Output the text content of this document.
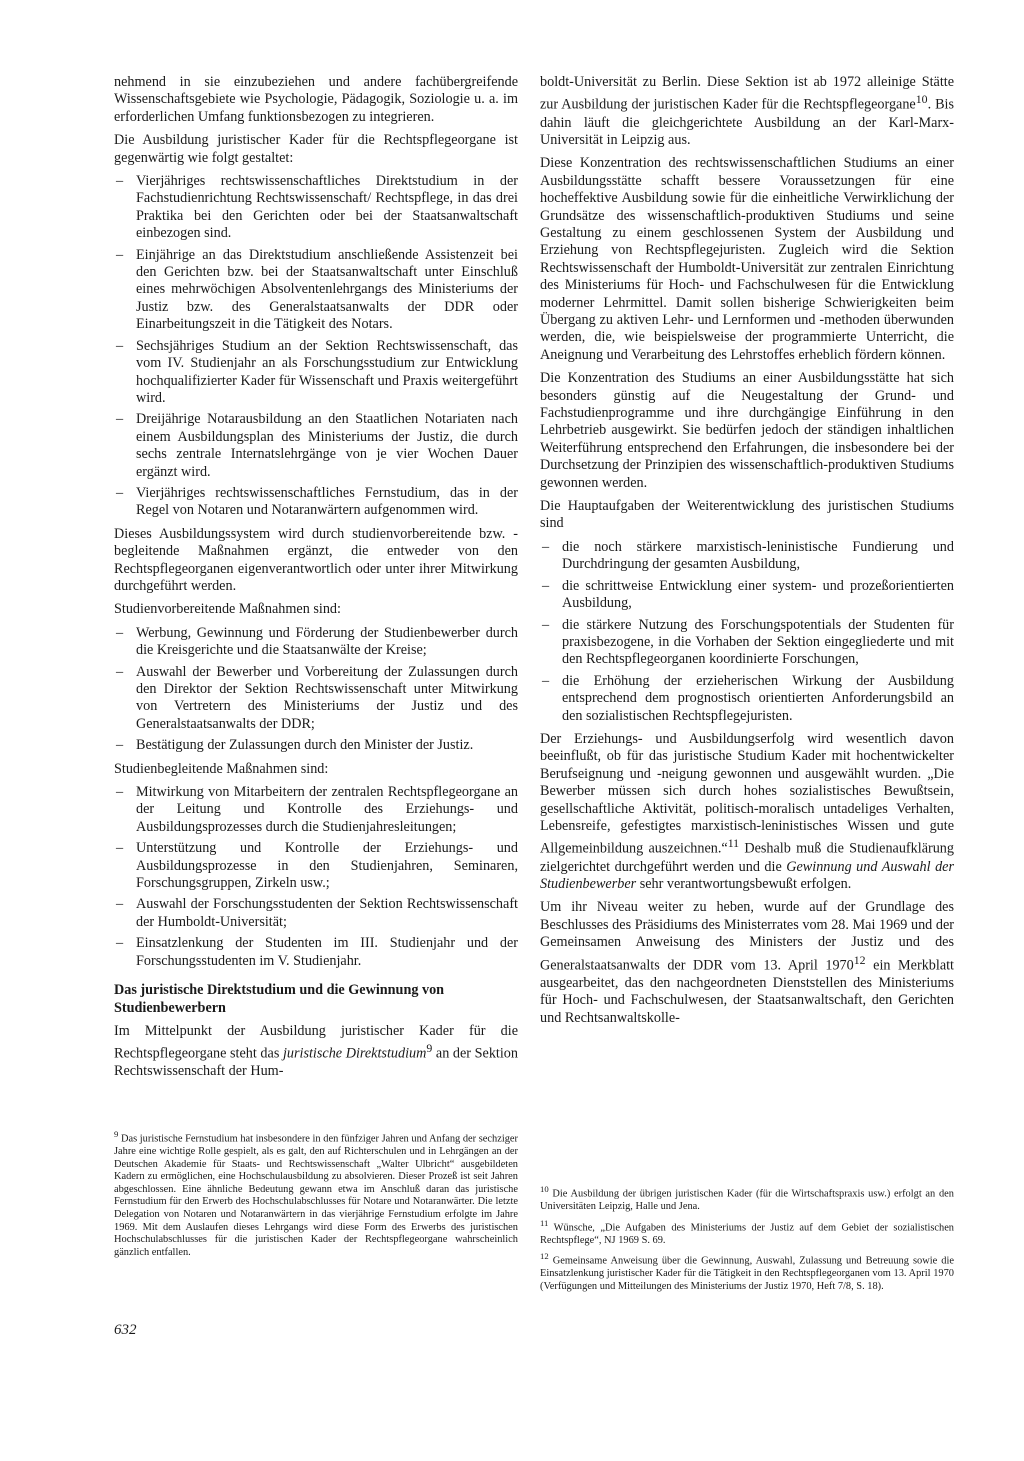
nehmend in sie einzubeziehen und andere fachübergreifende Wissenschaftsgebiete wie Psychologie, Pädagogik, Soziologie u. a. im erforderlichen Umfang funktionsbezogen zu integrieren.

Die Ausbildung juristischer Kader für die Rechtspflegeorgane ist gegenwärtig wie folgt gestaltet:

– Vierjähriges rechtswissenschaftliches Direktstudium in der Fachstudienrichtung Rechtswissenschaft/ Rechtspflege, in das drei Praktika bei den Gerichten oder bei der Staatsanwaltschaft einbezogen sind.
– Einjährige an das Direktstudium anschließende Assistenzeit bei den Gerichten bzw. bei der Staatsanwaltschaft unter Einschluß eines mehrwöchigen Absolventenlehrgangs des Ministeriums der Justiz bzw. des Generalstaatsanwalts der DDR oder Einarbeitungszeit in die Tätigkeit des Notars.
– Sechsjähriges Studium an der Sektion Rechtswissenschaft, das vom IV. Studienjahr an als Forschungsstudium zur Entwicklung hochqualifizierter Kader für Wissenschaft und Praxis weitergeführt wird.
– Dreijährige Notarausbildung an den Staatlichen Notariaten nach einem Ausbildungsplan des Ministeriums der Justiz, die durch sechs zentrale Internatslehrgänge von je vier Wochen Dauer ergänzt wird.
– Vierjähriges rechtswissenschaftliches Fernstudium, das in der Regel von Notaren und Notaranwärtern aufgenommen wird.

Dieses Ausbildungssystem wird durch studienvorbereitende bzw. -begleitende Maßnahmen ergänzt, die entweder von den Rechtspflegeorganen eigenverantwortlich oder unter ihrer Mitwirkung durchgeführt werden.

Studienvorbereitende Maßnahmen sind:

– Werbung, Gewinnung und Förderung der Studienbewerber durch die Kreisgerichte und die Staatsanwälte der Kreise;
– Auswahl der Bewerber und Vorbereitung der Zulassungen durch den Direktor der Sektion Rechtswissenschaft unter Mitwirkung von Vertretern des Ministeriums der Justiz und des Generalstaatsanwalts der DDR;
– Bestätigung der Zulassungen durch den Minister der Justiz.

Studienbegleitende Maßnahmen sind:

– Mitwirkung von Mitarbeitern der zentralen Rechtspflegeorgane an der Leitung und Kontrolle des Erziehungs- und Ausbildungsprozesses durch die Studienjahresleitungen;
– Unterstützung und Kontrolle der Erziehungs- und Ausbildungsprozesse in den Studienjahren, Seminaren, Forschungsgruppen, Zirkeln usw.;
– Auswahl der Forschungsstudenten der Sektion Rechtswissenschaft der Humboldt-Universität;
– Einsatzlenkung der Studenten im III. Studienjahr und der Forschungsstudenten im V. Studienjahr.
Das juristische Direktstudium und die Gewinnung von Studienbewerbern

Im Mittelpunkt der Ausbildung juristischer Kader für die Rechtspflegeorgane steht das juristische Direktstudium$^9$ an der Sektion Rechtswissenschaft der Hum-

boldt-Universität zu Berlin. Diese Sektion ist ab 1972 alleinige Stätte zur Ausbildung der juristischen Kader für die Rechtspflegeorgane$^{10}$. Bis dahin läuft die gleichgerichtete Ausbildung an der Karl-Marx-Universität in Leipzig aus.

Diese Konzentration des rechtswissenschaftlichen Studiums an einer Ausbildungsstätte schafft bessere Voraussetzungen für eine hocheffektive Ausbildung sowie für die einheitliche Verwirklichung der Grundsätze des wissenschaftlich-produktiven Studiums und seine Gestaltung zu einem geschlossenen System der Ausbildung und Erziehung von Rechtspflegejuristen. Zugleich wird die Sektion Rechtswissenschaft der Humboldt-Universität zur zentralen Einrichtung des Ministeriums für Hoch- und Fachschulwesen für die Entwicklung moderner Lehrmittel. Damit sollen bisherige Schwierigkeiten beim Übergang zu aktiven Lehr- und Lernformen und -methoden überwunden werden, die, wie beispielsweise der programmierte Unterricht, die Aneignung und Verarbeitung des Lehrstoffes erheblich fördern können.

Die Konzentration des Studiums an einer Ausbildungsstätte hat sich besonders günstig auf die Neugestaltung der Grund- und Fachstudienprogramme und ihre durchgängige Einführung in den Lehrbetrieb ausgewirkt. Sie bedürfen jedoch der ständigen inhaltlichen Weiterführung entsprechend den Erfahrungen, die insbesondere bei der Durchsetzung der Prinzipien des wissenschaftlich-produktiven Studiums gewonnen werden.

Die Hauptaufgaben der Weiterentwicklung des juristischen Studiums sind

– die noch stärkere marxistisch-leninistische Fundierung und Durchdringung der gesamten Ausbildung,
– die schrittweise Entwicklung einer system- und prozeßorientierten Ausbildung,
– die stärkere Nutzung des Forschungspotentials der Studenten für praxisbezogene, in die Vorhaben der Sektion eingegliederte und mit den Rechtspflegeorganen koordinierte Forschungen,
– die Erhöhung der erzieherischen Wirkung der Ausbildung entsprechend dem prognostisch orientierten Anforderungsbild an den sozialistischen Rechtspflegejuristen.

Der Erziehungs- und Ausbildungserfolg wird wesentlich davon beeinflußt, ob für das juristische Studium Kader mit hochentwickelter Berufseignung und -neigung gewonnen und ausgewählt wurden. „Die Bewerber müssen sich durch hohes sozialistisches Bewußtsein, gesellschaftliche Aktivität, politisch-moralisch untadeliges Verhalten, Lebensreife, gefestigtes marxistisch-leninistisches Wissen und gute Allgemeinbildung auszeichnen.“$^{11}$ Deshalb muß die Studienaufklärung zielgerichtet durchgeführt werden und die Gewinnung und Auswahl der Studienbewerber sehr verantwortungsbewußt erfolgen.

Um ihr Niveau weiter zu heben, wurde auf der Grundlage des Beschlusses des Präsidiums des Ministerrates vom 28. Mai 1969 und der Gemeinsamen Anweisung des Ministers der Justiz und des Generalstaatsanwalts der DDR vom 13. April 1970$^{12}$ ein Merkblatt ausgearbeitet, das den nachgeordneten Dienststellen des Ministeriums für Hoch- und Fachschulwesen, der Staatsanwaltschaft, den Gerichten und Rechtsanwaltskolle-

$^9$ Das juristische Fernstudium hat insbesondere in den fünfziger Jahren und Anfang der sechziger Jahre eine wichtige Rolle gespielt, als es galt, den auf Richterschulen und in Lehrgängen an der Deutschen Akademie für Staats- und Rechtswissenschaft „Walter Ulbricht“ ausgebildeten Kadern zu ermöglichen, eine Hochschulausbildung zu absolvieren. Dieser Prozeß ist seit Jahren abgeschlossen. Eine ähnliche Bedeutung gewann etwa im Anschluß daran das juristische Fernstudium für den Erwerb des Hochschulabschlusses für Notare und Notaranwärter. Die letzte Delegation von Notaren und Notaranwärtern in das vierjährige Fernstudium erfolgte im Jahre 1969. Mit dem Auslaufen dieses Lehrgangs wird diese Form des Erwerbs des juristischen Hochschulabschlusses für die juristischen Kader der Rechtspflegeorgane wahrscheinlich gänzlich entfallen.

$^{10}$ Die Ausbildung der übrigen juristischen Kader (für die Wirtschaftspraxis usw.) erfolgt an den Universitäten Leipzig, Halle und Jena.

$^{11}$ Wünsche, „Die Aufgaben des Ministeriums der Justiz auf dem Gebiet der sozialistischen Rechtspflege“, NJ 1969 S. 69.

$^{12}$ Gemeinsame Anweisung über die Gewinnung, Auswahl, Zulassung und Betreuung sowie die Einsatzlenkung juristischer Kader für die Tätigkeit in den Rechtspflegeorganen vom 13. April 1970 (Verfügungen und Mitteilungen des Ministeriums der Justiz 1970, Heft 7/8, S. 18).

632
